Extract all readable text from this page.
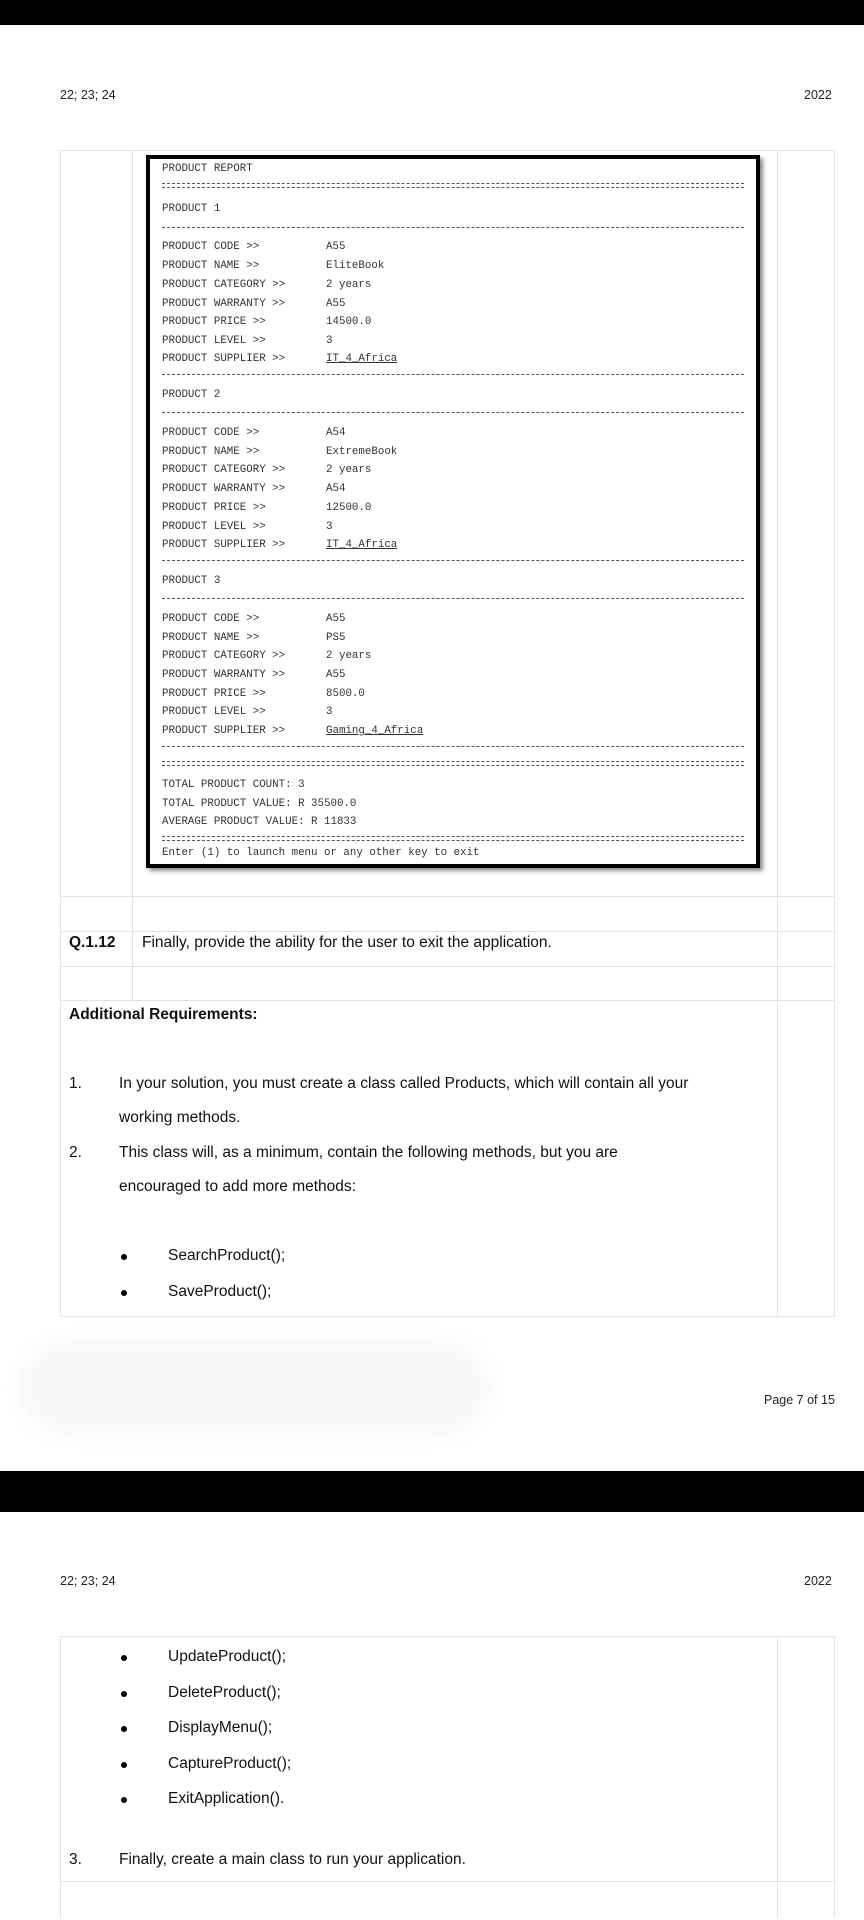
22; 23; 24	2022
PRODUCT REPORT
PRODUCT 1
PRODUCT CODE >>	A55
PRODUCT NAME >>	EliteBook
PRODUCT CATEGORY >>	2 years
PRODUCT WARRANTY >>	A55
PRODUCT PRICE >>	14500.0
PRODUCT LEVEL >>	3
PRODUCT SUPPLIER >>	IT_4_Africa
PRODUCT 2
PRODUCT CODE >>	A54
PRODUCT NAME >>	ExtremeBook
PRODUCT CATEGORY >>	2 years
PRODUCT WARRANTY >>	A54
PRODUCT PRICE >>	12500.0
PRODUCT LEVEL >>	3
PRODUCT SUPPLIER >>	IT_4_Africa
PRODUCT 3
PRODUCT CODE >>	A55
PRODUCT NAME >>	PS5
PRODUCT CATEGORY >>	2 years
PRODUCT WARRANTY >>	A55
PRODUCT PRICE >>	8500.0
PRODUCT LEVEL >>	3
PRODUCT SUPPLIER >>	Gaming_4_Africa
TOTAL PRODUCT COUNT: 3
TOTAL PRODUCT VALUE: R 35500.0
AVERAGE PRODUCT VALUE: R 11833
Enter (1) to launch menu or any other key to exit
Q.1.12 Finally, provide the ability for the user to exit the application.
Additional Requirements:
1. In your solution, you must create a class called Products, which will contain all your
working methods.
2. This class will, as a minimum, contain the following methods, but you are
encouraged to add more methods:
SearchProduct();
SaveProduct();
Page 7 of 15
22; 23; 24	2022
UpdateProduct();
DeleteProduct();
DisplayMenu();
CaptureProduct();
ExitApplication().
3. Finally, create a main class to run your application.
